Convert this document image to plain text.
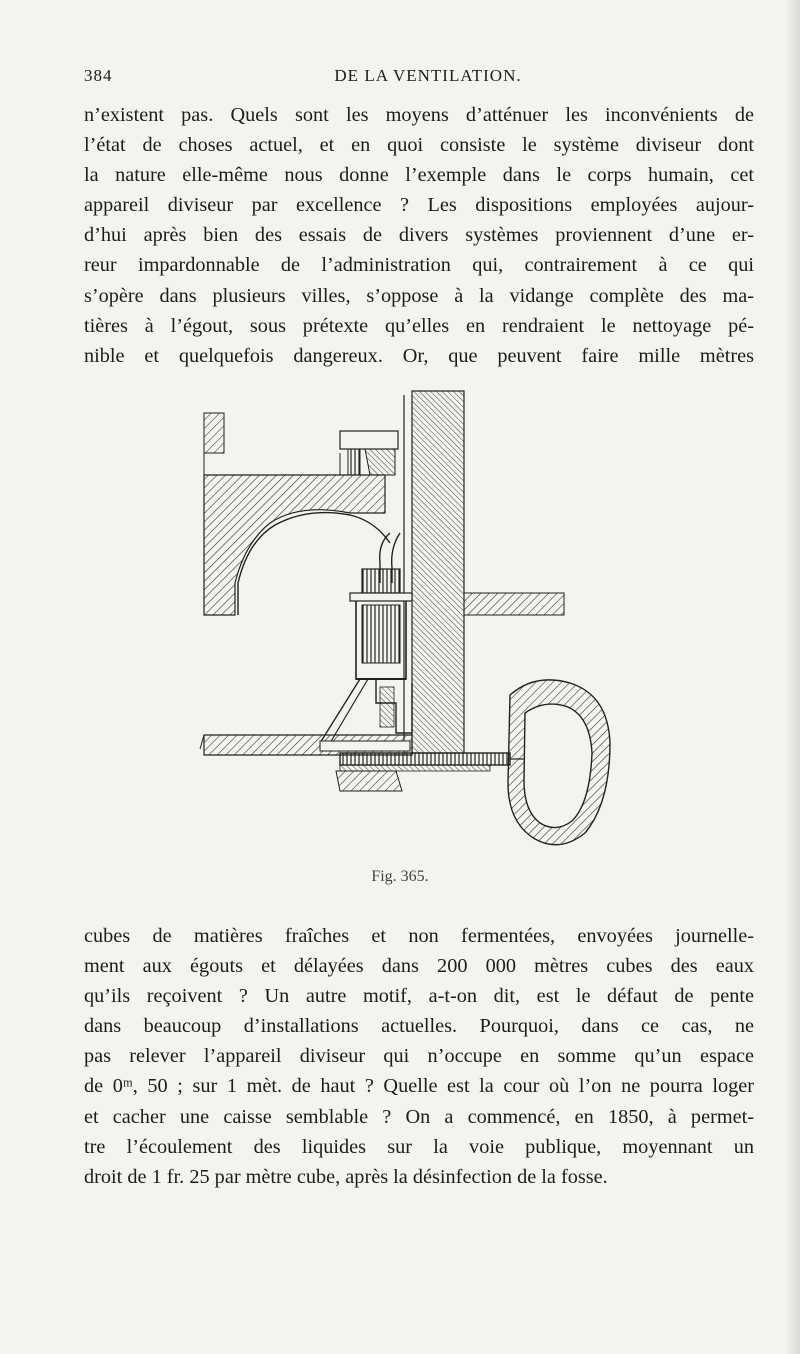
384	DE LA VENTILATION.

n’existent pas. Quels sont les moyens d’atténuer les inconvénients de
l’état de choses actuel, et en quoi consiste le système diviseur dont
la nature elle-même nous donne l’exemple dans le corps humain, cet
appareil diviseur par excellence ? Les dispositions employées aujour-
d’hui après bien des essais de divers systèmes proviennent d’une er-
reur impardonnable de l’administration qui, contrairement à ce qui
s’opère dans plusieurs villes, s’oppose à la vidange complète des ma-
tières à l’égout, sous prétexte qu’elles en rendraient le nettoyage pé-
nible et quelquefois dangereux. Or, que peuvent faire mille mètres

Fig. 365.

cubes de matières fraîches et non fermentées, envoyées journelle-
ment aux égouts et délayées dans 200 000 mètres cubes des eaux
qu’ils reçoivent ? Un autre motif, a-t-on dit, est le défaut de pente
dans beaucoup d’installations actuelles. Pourquoi, dans ce cas, ne
pas relever l’appareil diviseur qui n’occupe en somme qu’un espace
de 0ᵐ, 50 ; sur 1 mèt. de haut ? Quelle est la cour où l’on ne pourra loger
et cacher une caisse semblable ? On a commencé, en 1850, à permet-
tre l’écoulement des liquides sur la voie publique, moyennant un
droit de 1 fr. 25 par mètre cube, après la désinfection de la fosse.
